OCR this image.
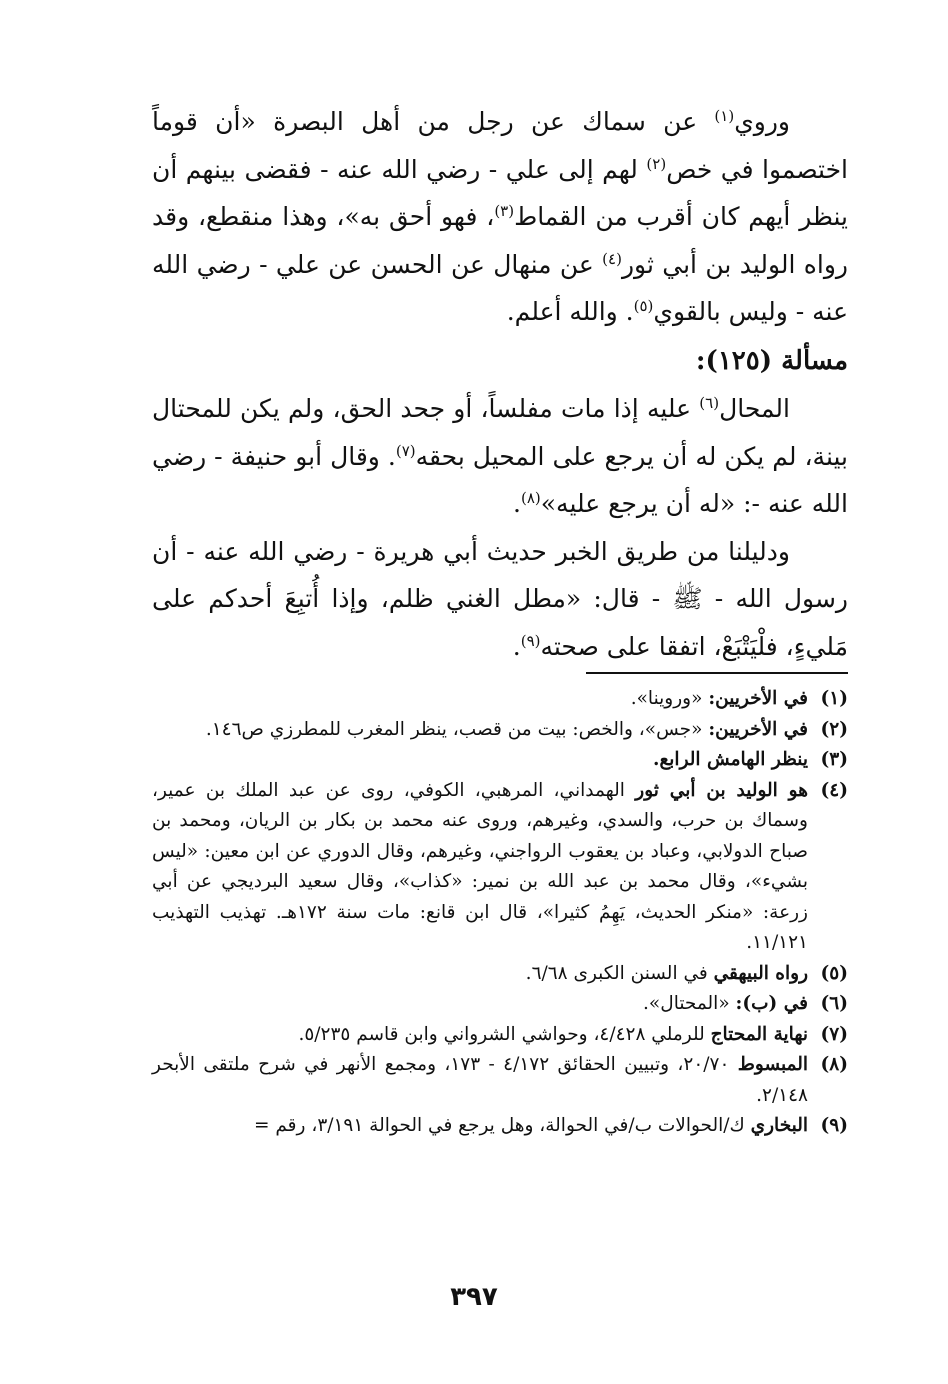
وروي$^{(١)}$ عن سماك عن رجل من أهل البصرة «أن قوماً اختصموا في خص$^{(٢)}$ لهم إلى علي - رضي الله عنه - فقضى بينهم أن ينظر أيهم كان أقرب من القماط$^{(٣)}$، فهو أحق به»، وهذا منقطع، وقد رواه الوليد بن أبي ثور$^{(٤)}$ عن منهال عن الحسن عن علي - رضي الله عنه - وليس بالقوي$^{(٥)}$. والله أعلم.

مسألة (١٢٥):

المحال$^{(٦)}$ عليه إذا مات مفلساً، أو جحد الحق، ولم يكن للمحتال بينة، لم يكن له أن يرجع على المحيل بحقه$^{(٧)}$. وقال أبو حنيفة - رضي الله عنه -: «له أن يرجع عليه»$^{(٨)}$.

ودليلنا من طريق الخبر حديث أبي هريرة - رضي الله عنه - أن رسول الله - ﷺ - قال: «مطل الغني ظلم، وإذا أُتبِعَ أحدكم على مَليءٍ، فلْيَتْبَعْ، اتفقا على صحته$^{(٩)}$.

(١)
في الأخريين: «وروينا».
(٢)
في الأخريين: «جس»، والخص: بيت من قصب، ينظر المغرب للمطرزي ص١٤٦.
(٣)
ينظر الهامش الرابع.
(٤)
هو الوليد بن أبي ثور الهمداني، المرهبي، الكوفي، روى عن عبد الملك بن عمير، وسماك بن حرب، والسدي، وغيرهم، وروى عنه محمد بن بكار بن الريان، ومحمد بن صباح الدولابي، وعباد بن يعقوب الرواجني، وغيرهم، وقال الدوري عن ابن معين: «ليس بشيء»، وقال محمد بن عبد الله بن نمير: «كذاب»، وقال سعيد البرديجي عن أبي زرعة: «منكر الحديث، يَهِمُ كثيرا»، قال ابن قانع: مات سنة ١٧٢هـ. تهذيب التهذيب ١١/١٢١.
(٥)
رواه البيهقي في السنن الكبرى ٦/٦٨.
(٦)
في (ب): «المحتال».
(٧)
نهاية المحتاج للرملي ٤/٤٢٨، وحواشي الشرواني وابن قاسم ٥/٢٣٥.
(٨)
المبسوط ٢٠/٧٠، وتبيين الحقائق ٤/١٧٢ - ١٧٣، ومجمع الأنهر في شرح ملتقى الأبحر ٢/١٤٨.
(٩)
البخاري ك/الحوالات ب/في الحوالة، وهل يرجع في الحوالة ٣/١٩١، رقم =
٣٩٧
